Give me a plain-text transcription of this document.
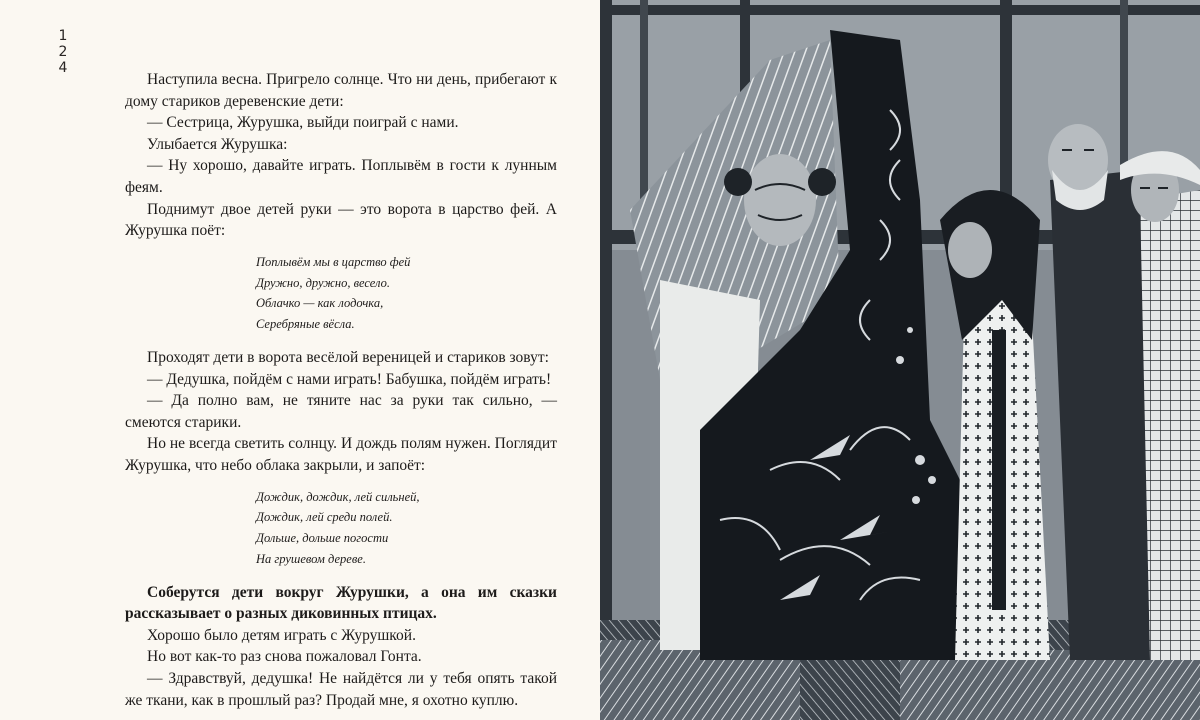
1
2
4

Наступила весна. Пригрело солнце. Что ни день, прибегают к дому стариков деревенские дети:

— Сестрица, Журушка, выйди поиграй с нами.

Улыбается Журушка:

— Ну хорошо, давайте играть. Поплывём в гости к лунным феям.

Поднимут двое детей руки — это ворота в царство фей. А Журушка поёт:

Поплывём мы в царство фей
Дружно, дружно, весело.
Облачко — как лодочка,
Серебряные вёсла.

Проходят дети в ворота весёлой вереницей и стариков зовут:

— Дедушка, пойдём с нами играть! Бабушка, пойдём играть!

— Да полно вам, не тяните нас за руки так сильно, — смеются старики.

Но не всегда светить солнцу. И дождь полям нужен. Поглядит Журушка, что небо облака закрыли, и запоёт:

Дождик, дождик, лей сильней,
Дождик, лей среди полей.
Дольше, дольше погости
На грушевом дереве.

Соберутся дети вокруг Журушки, а она им сказки рассказывает о разных диковинных птицах.

Хорошо было детям играть с Журушкой.

Но вот как-то раз снова пожаловал Гонта.

— Здравствуй, дедушка! Не найдётся ли у тебя опять такой же ткани, как в прошлый раз? Продай мне, я охотно куплю.
